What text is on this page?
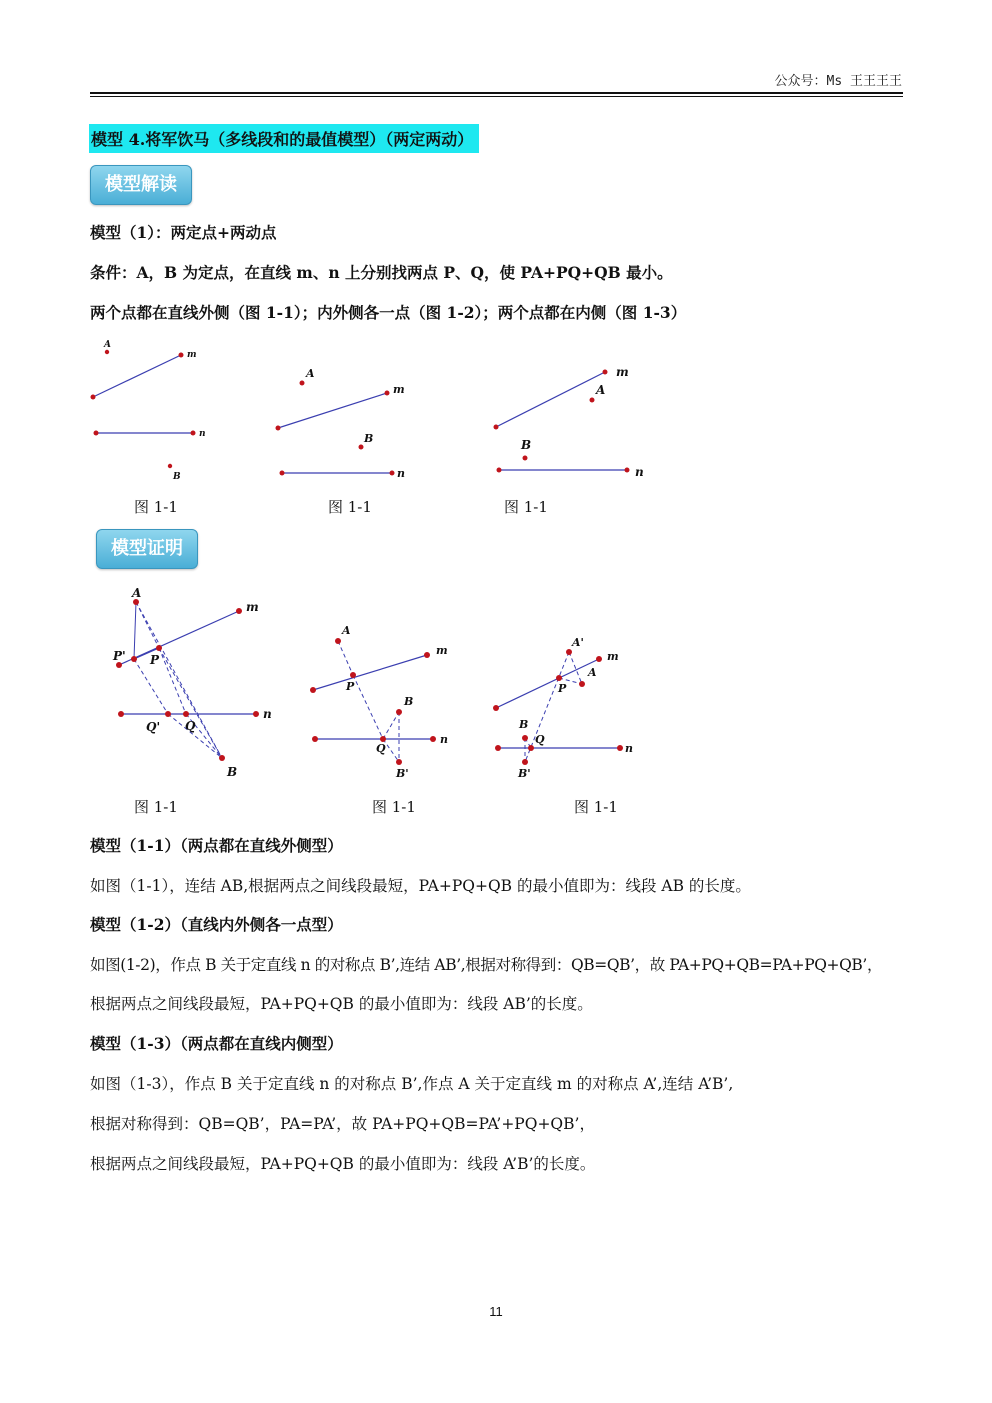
公众号：Ms 王王王王
模型 4.将军饮马（多线段和的最值模型）（两定两动）
模型解读
模型（1）：两定点+两动点
条件：A，B 为定点，在直线 m、n 上分别找两点 P、Q，使 PA+PQ+QB 最小。
两个点都在直线外侧（图 1-1）；内外侧各一点（图 1-2）；两个点都在内侧（图 1-3）
A
m
n
B
A
m
B
n
m
A
B
n
图 1-1	图 1-1	图 1-1
模型证明
A
m
P' P
n
Q' Q
B
A
m
P
B
n
Q
B'
A'
m
A
P
B
Q
n
B'
图 1-1	图 1-1	图 1-1
模型（1-1）（两点都在直线外侧型）
如图（1-1），连结 AB,根据两点之间线段最短，PA+PQ+QB 的最小值即为：线段 AB 的长度。
模型（1-2）（直线内外侧各一点型）
如图(1-2)，作点 B 关于定直线 n 的对称点 B’,连结 AB’,根据对称得到：QB=QB’，故 PA+PQ+QB=PA+PQ+QB’，
根据两点之间线段最短，PA+PQ+QB 的最小值即为：线段 AB’的长度。
模型（1-3）（两点都在直线内侧型）
如图（1-3），作点 B 关于定直线 n 的对称点 B’,作点 A 关于定直线 m 的对称点 A’,连结 A’B’,
根据对称得到：QB=QB’，PA=PA’，故 PA+PQ+QB=PA’+PQ+QB’，
根据两点之间线段最短，PA+PQ+QB 的最小值即为：线段 A’B’的长度。
11
